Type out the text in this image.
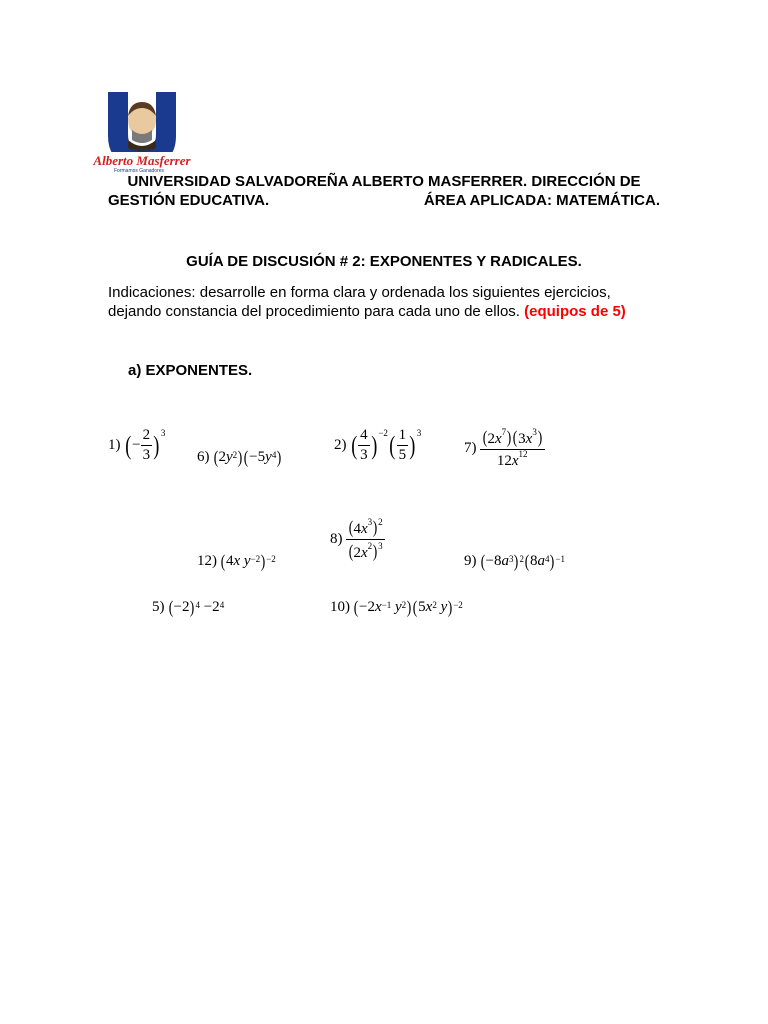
Universidad Salvadoreña
Alberto Masferrer
Formamos Ganadores
UNIVERSIDAD SALVADOREÑA ALBERTO MASFERRER. DIRECCIÓN DE
GESTIÓN EDUCATIVA.	ÁREA APLICADA: MATEMÁTICA.
GUÍA DE DISCUSIÓN # 2: EXPONENTES Y RADICALES.
Indicaciones: desarrolle en forma clara y ordenada los siguientes ejercicios,
dejando constancia del procedimiento para cada uno de ellos. (equipos de 5)
a) EXPONENTES.
1) ( − $\frac{2}{3} )^3$
6) ( 2 $y^2$ ) ( −5 $y^4$ )
2) ( $\frac{4}{3} )^{-2}$ ( $\frac{1}{5} )^3$
$7) \frac{(2x^7)(3x^3)}{12x^{12}}$
$8) \frac{(4x^3)^2}{(2x^2)^3}$
12) ( 4 x
$y^{-2}$ )$^{-2}$	9) ( −8 $a^3$ )$^2$ ( 8 $a^4$ )$^{-1}$
5) ( −2 )$^4 -2^4$	10) ( −2 $x^{-1}$
$y^2$ ) ( 5 $x^2$
y )$^{-2}$
